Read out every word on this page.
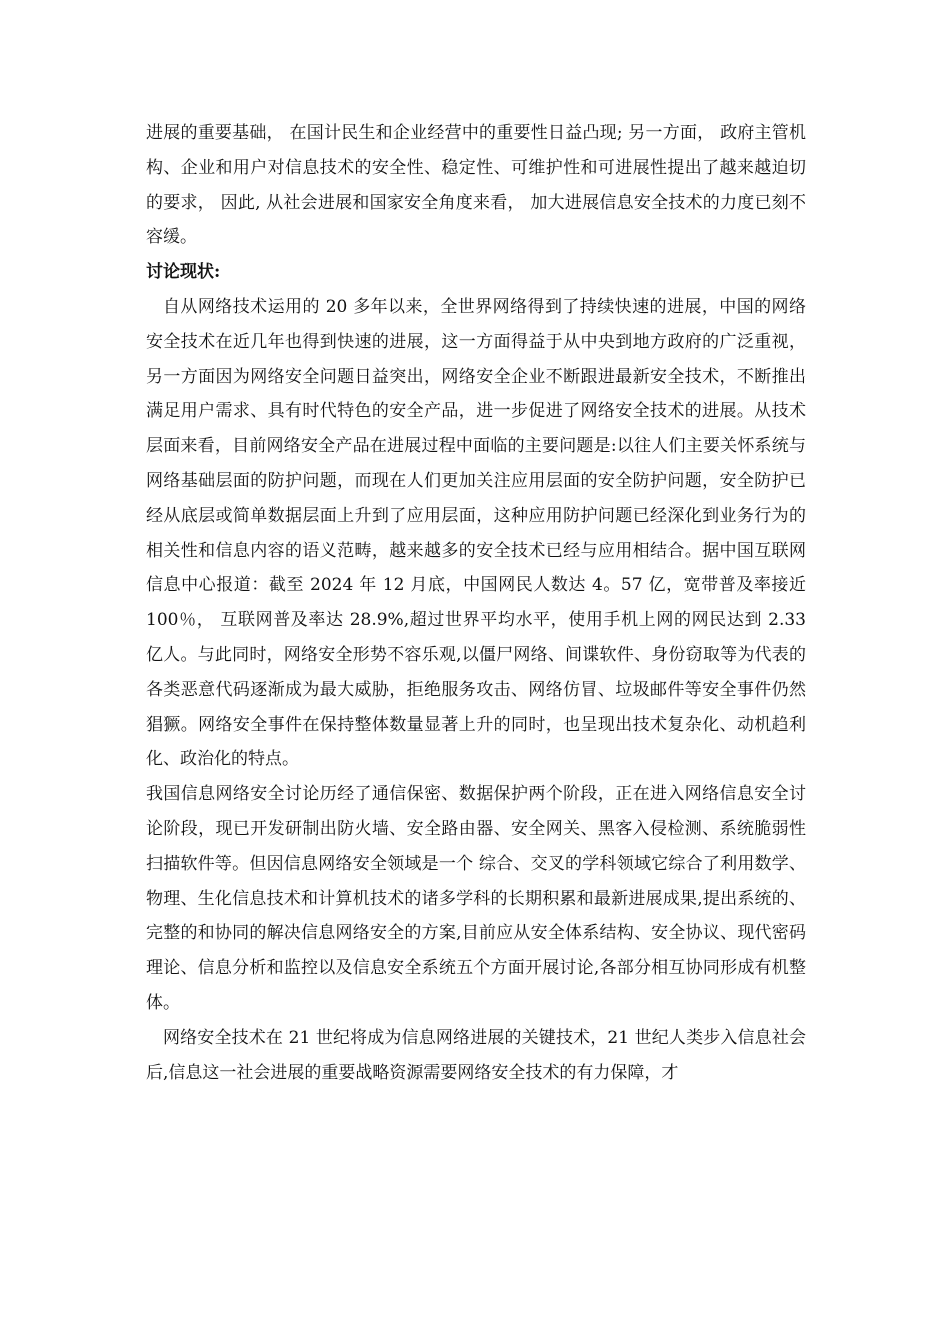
进展的重要基础， 在国计民生和企业经营中的重要性日益凸现; 另一方面， 政府主管机构、企业和用户对信息技术的安全性、稳定性、可维护性和可进展性提出了越来越迫切的要求， 因此, 从社会进展和国家安全角度来看， 加大进展信息安全技术的力度已刻不容缓。

讨论现状:

自从网络技术运用的 20 多年以来，全世界网络得到了持续快速的进展，中国的网络安全技术在近几年也得到快速的进展，这一方面得益于从中央到地方政府的广泛重视，另一方面因为网络安全问题日益突出，网络安全企业不断跟进最新安全技术，不断推出满足用户需求、具有时代特色的安全产品，进一步促进了网络安全技术的进展。从技术层面来看，目前网络安全产品在进展过程中面临的主要问题是:以往人们主要关怀系统与网络基础层面的防护问题，而现在人们更加关注应用层面的安全防护问题，安全防护已经从底层或简单数据层面上升到了应用层面，这种应用防护问题已经深化到业务行为的相关性和信息内容的语义范畴，越来越多的安全技术已经与应用相结合。据中国互联网信息中心报道：截至 2024 年 12 月底，中国网民人数达 4。57 亿，宽带普及率接近 100％， 互联网普及率达 28.9%,超过世界平均水平，使用手机上网的网民达到 2.33 亿人。与此同时，网络安全形势不容乐观,以僵尸网络、间谍软件、身份窃取等为代表的各类恶意代码逐渐成为最大威胁，拒绝服务攻击、网络仿冒、垃圾邮件等安全事件仍然猖獗。网络安全事件在保持整体数量显著上升的同时，也呈现出技术复杂化、动机趋利化、政治化的特点。

我国信息网络安全讨论历经了通信保密、数据保护两个阶段，正在进入网络信息安全讨论阶段，现已开发研制出防火墙、安全路由器、安全网关、黑客入侵检测、系统脆弱性扫描软件等。但因信息网络安全领域是一个 综合、交叉的学科领域它综合了利用数学、物理、生化信息技术和计算机技术的诸多学科的长期积累和最新进展成果,提出系统的、完整的和协同的解决信息网络安全的方案,目前应从安全体系结构、安全协议、现代密码理论、信息分析和监控以及信息安全系统五个方面开展讨论,各部分相互协同形成有机整体。

网络安全技术在 21 世纪将成为信息网络进展的关键技术，21 世纪人类步入信息社会后,信息这一社会进展的重要战略资源需要网络安全技术的有力保障，才
